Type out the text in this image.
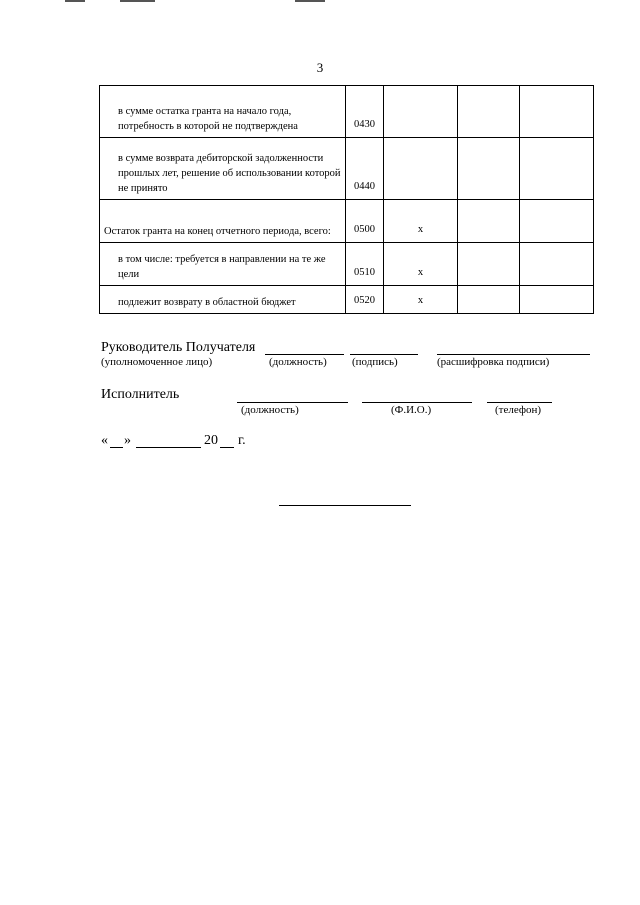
3
в сумме остатка гранта на начало года, потребность в которой не подтверждена	0430			
в сумме возврата дебиторской задолженности прошлых лет, решение об использовании которой не принято	0440			
Остаток гранта на конец отчетного периода, всего:	0500	x		
в том числе: требуется в направлении на те же цели	0510	x		
подлежит возврату в областной бюджет	0520	x		
Руководитель Получателя
(уполномоченное лицо)	(должность) (подпись)	(расшифровка подписи)
Исполнитель
(должность)	(Ф.И.О.)	(телефон)
« »	20 г.
